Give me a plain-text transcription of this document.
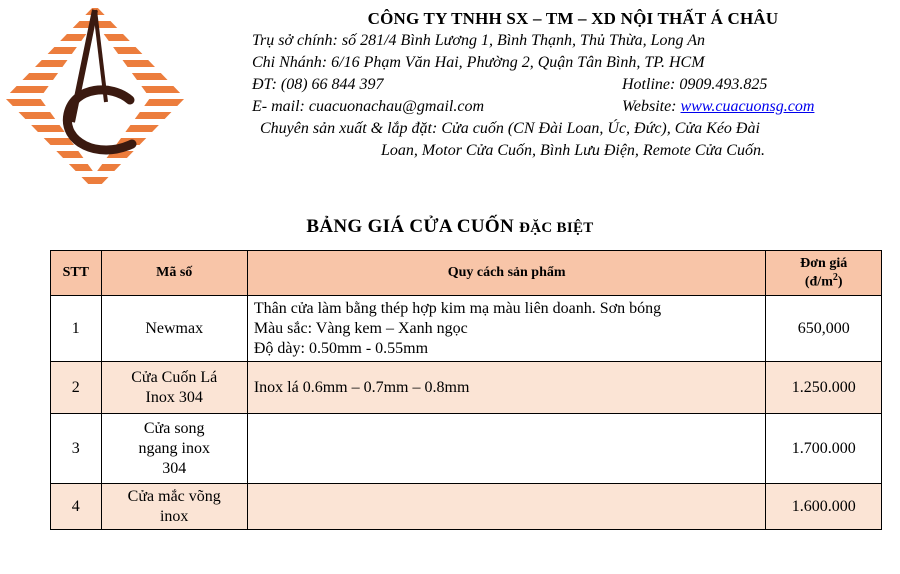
CÔNG TY TNHH SX – TM – XD NỘI THẤT Á CHÂU
Trụ sở chính: số 281/4 Bình Lương 1, Bình Thạnh, Thủ Thừa, Long An
Chi Nhánh: 6/16 Phạm Văn Hai, Phường 2, Quận Tân Bình, TP. HCM
ĐT: (08) 66 844 397	Hotline: 0909.493.825
E- mail: cuacuonachau@gmail.com	Website: www.cuacuonsg.com
Chuyên sản xuất & lắp đặt: Cửa cuốn (CN Đài Loan, Úc, Đức), Cửa Kéo Đài
Loan, Motor Cửa Cuốn, Bình Lưu Điện, Remote Cửa Cuốn.
BẢNG GIÁ CỬA CUỐN ĐẶC BIỆT
STT	Mã số	Quy cách sản phẩm	Đơn giá
$(đ/m^2)$
1	Newmax	Thân cửa làm bằng thép hợp kim mạ màu liên doanh. Sơn bóng
Màu sắc: Vàng kem – Xanh ngọc
Độ dày: 0.50mm - 0.55mm	650,000
2	Cửa Cuốn Lá
Inox 304	Inox lá 0.6mm – 0.7mm – 0.8mm	1.250.000
3	Cửa song
ngang inox
304		1.700.000
4	Cửa mắc võng
inox		1.600.000
